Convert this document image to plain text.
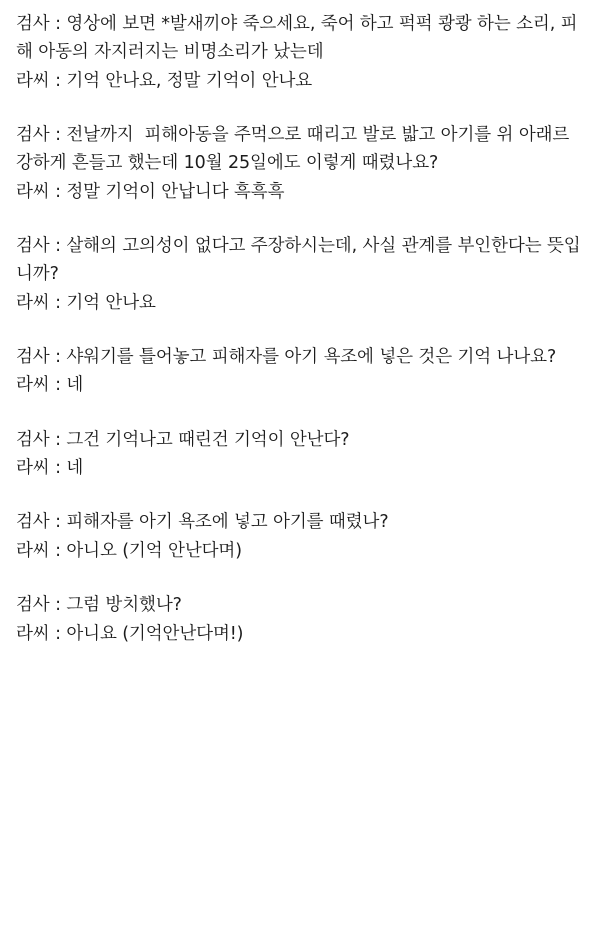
검사 : 영상에 보면 *발새끼야 죽으세요, 죽어 하고 퍽퍽 쾅쾅 하는 소리, 피해 아동의 자지러지는 비명소리가 났는데

라씨 : 기억 안나요, 정말 기억이 안나요

검사 : 전날까지  피해아동을 주먹으로 때리고 발로 밟고 아기를 위 아래르 강하게 흔들고 했는데 10월 25일에도 이렇게 때렸나요?

라씨 : 정말 기억이 안납니다 흑흑흑

검사 : 살해의 고의성이 없다고 주장하시는데, 사실 관계를 부인한다는 뜻입니까?

라씨 : 기억 안나요

검사 : 샤워기를 틀어놓고 피해자를 아기 욕조에 넣은 것은 기억 나나요?

라씨 : 네

검사 : 그건 기억나고 때린건 기억이 안난다?

라씨 : 네

검사 : 피해자를 아기 욕조에 넣고 아기를 때렸나?

라씨 : 아니오 (기억 안난다며)

검사 : 그럼 방치했나?

라씨 : 아니요 (기억안난다며!)
